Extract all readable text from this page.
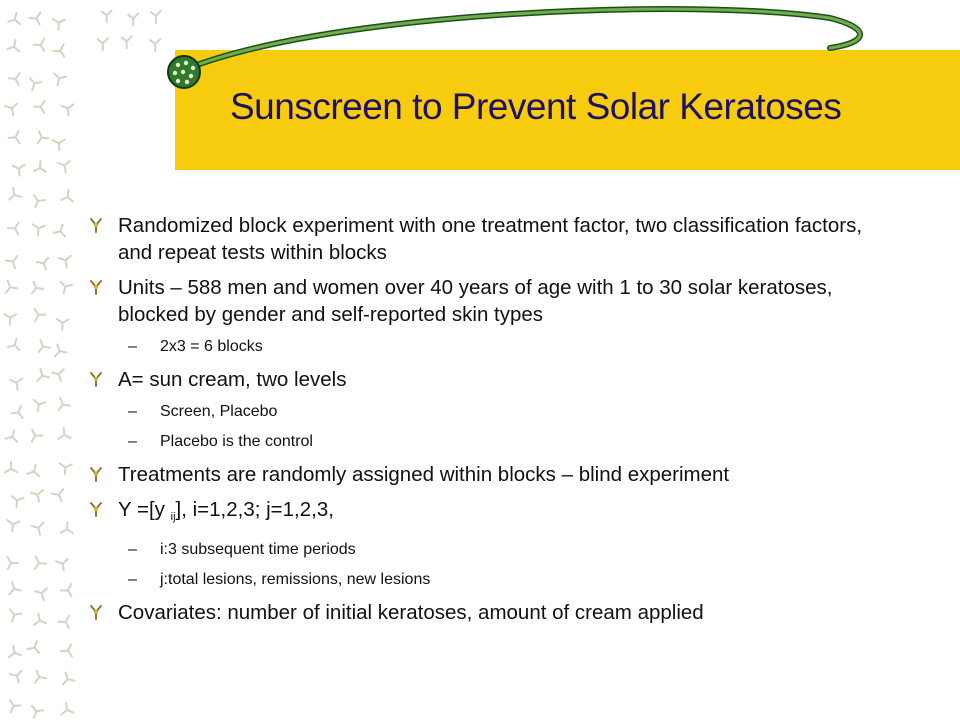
Sunscreen to Prevent Solar Keratoses
Randomized block experiment with one treatment factor, two classification factors, and repeat tests within blocks
Units – 588 men and women over 40 years of age with 1 to 30 solar keratoses, blocked by gender and self-reported skin types
– 2x3 = 6 blocks
A= sun cream, two levels
– Screen, Placebo
– Placebo is the control
Treatments are randomly assigned within blocks – blind experiment
Y =[y $_{ij}$], i=1,2,3; j=1,2,3,
– i:3 subsequent time periods
– j:total lesions, remissions, new lesions
Covariates: number of initial keratoses, amount of cream applied
